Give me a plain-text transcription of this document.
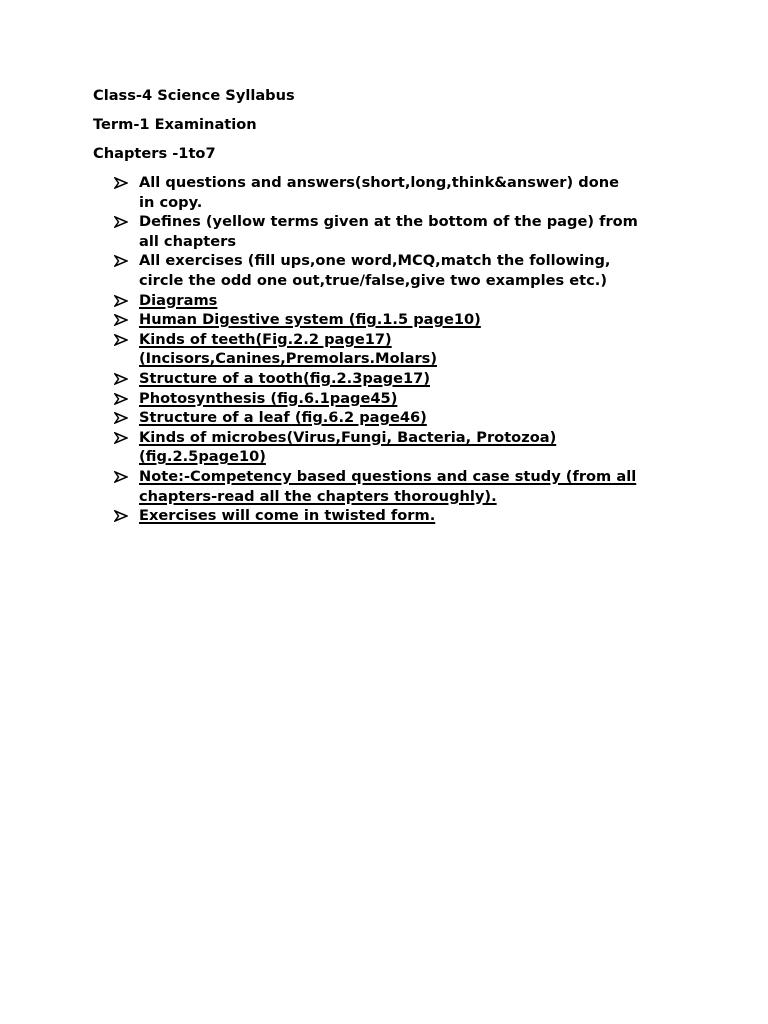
Class-4 Science Syllabus

Term-1 Examination

Chapters -1to7

All questions and answers(short,long,think&answer) done
in copy.
Defines (yellow terms given at the bottom of the page) from
all chapters
All exercises (fill ups,one word,MCQ,match the following,
circle the odd one out,true/false,give two examples etc.)
Diagrams
Human Digestive system (fig.1.5 page10)
Kinds of teeth(Fig.2.2 page17)
(Incisors,Canines,Premolars.Molars)
Structure of a tooth(fig.2.3page17)
Photosynthesis (fig.6.1page45)
Structure of a leaf (fig.6.2 page46)
Kinds of microbes(Virus,Fungi, Bacteria, Protozoa)
(fig.2.5page10)
Note:-Competency based questions and case study (from all
chapters-read all the chapters thoroughly).
Exercises will come in twisted form.
